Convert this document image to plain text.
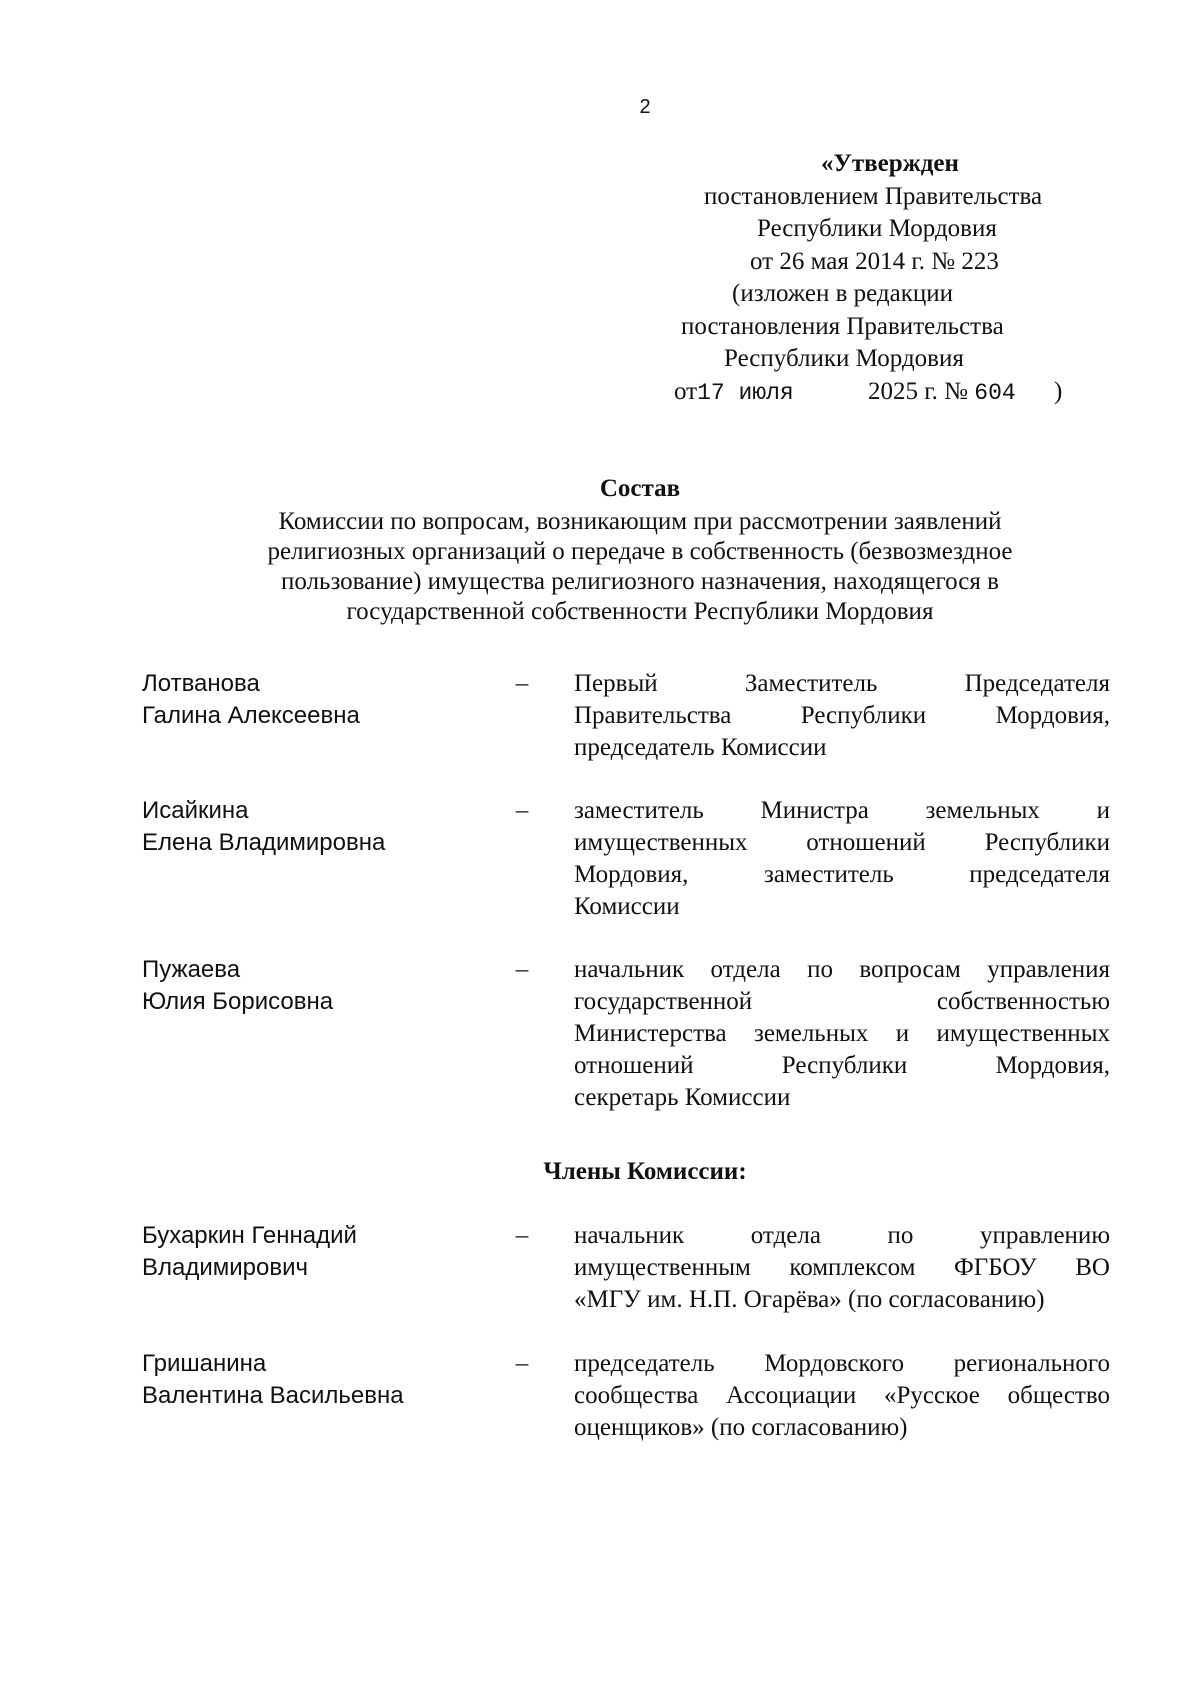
2
«Утвержден
постановлением Правительства
Республики Мордовия
от 26 мая 2014 г. № 223
(изложен в редакции
постановления Правительства
Республики Мордовия
от17 июля	2025 г. № 604 )
Состав
Комиссии по вопросам, возникающим при рассмотрении заявлений
религиозных организаций о передаче в собственность (безвозмездное
пользование) имущества религиозного назначения, находящегося в
государственной собственности Республики Мордовия
Лотванова
Галина Алексеевна
–	Первый Заместитель Председателя
Правительства Республики Мордовия,
председатель Комиссии
Исайкина
Елена Владимировна
–	заместитель Министра земельных и
имущественных отношений Республики
Мордовия, заместитель председателя
Комиссии
Пужаева
Юлия Борисовна
–	начальник отдела по вопросам управления
государственной собственностью
Министерства земельных и имущественных
отношений Республики Мордовия,
секретарь Комиссии
Члены Комиссии:
Бухаркин Геннадий
Владимирович
–	начальник отдела по управлению
имущественным комплексом ФГБОУ ВО
«МГУ им. Н.П. Огарёва» (по согласованию)
Гришанина
Валентина Васильевна
–	председатель Мордовского регионального
сообщества Ассоциации «Русское общество
оценщиков» (по согласованию)
